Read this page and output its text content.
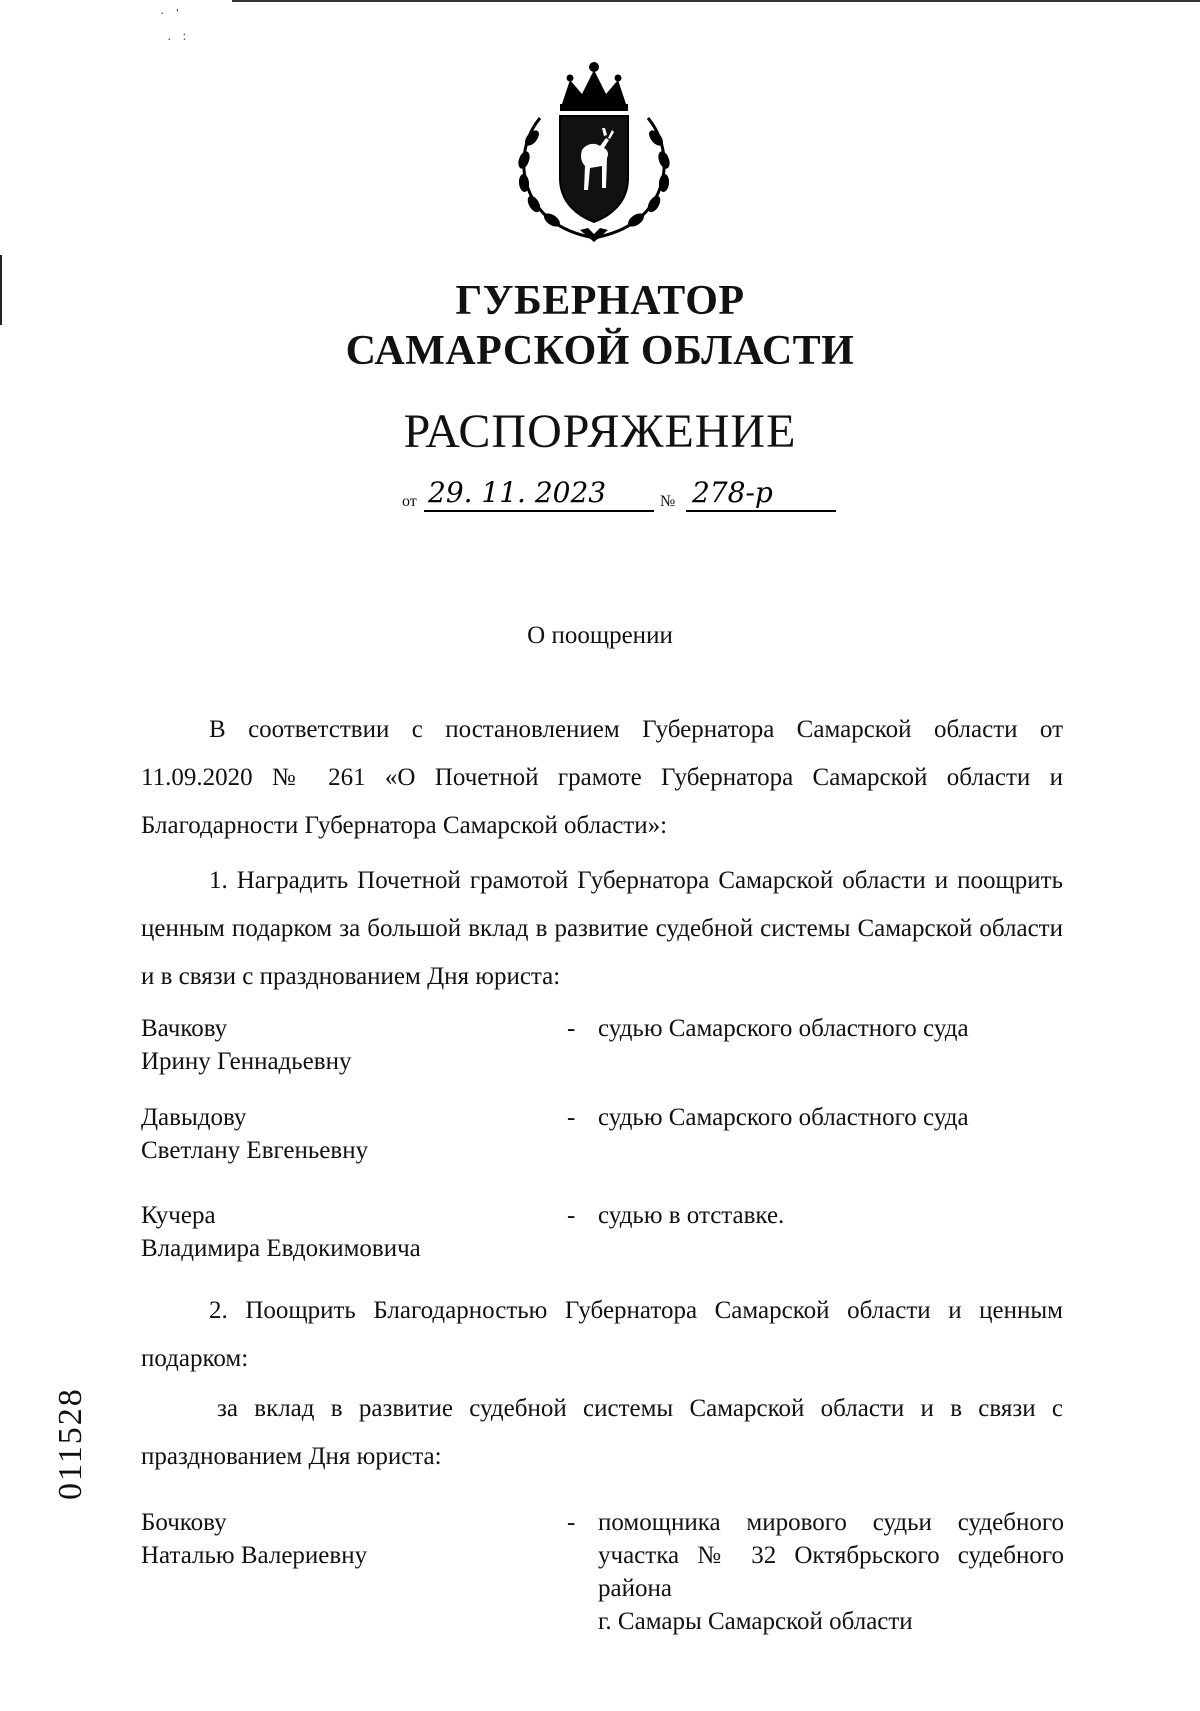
· '
. :
ГУБЕРНАТОР
САМАРСКОЙ ОБЛАСТИ
РАСПОРЯЖЕНИЕ
от 29. 11. 2023	№ 278-р
О поощрении
В соответствии с постановлением Губернатора Самарской области от 11.09.2020 № 261 «О Почетной грамоте Губернатора Самарской области и Благодарности Губернатора Самарской области»:
1. Наградить Почетной грамотой Губернатора Самарской области и поощрить ценным подарком за большой вклад в развитие судебной системы Самарской области и в связи с празднованием Дня юриста:
Вачкову
Ирину Геннадьевну
- судью Самарского областного суда
Давыдову
Светлану Евгеньевну
- судью Самарского областного суда
Кучера
Владимира Евдокимовича
- судью в отставке.
2. Поощрить Благодарностью Губернатора Самарской области и ценным подарком:
за вклад в развитие судебной системы Самарской области и в связи с празднованием Дня юриста:
Бочкову
Наталью Валериевну
- помощника мирового судьи судебного участка № 32 Октябрьского судебного района
г. Самары Самарской области
011528
